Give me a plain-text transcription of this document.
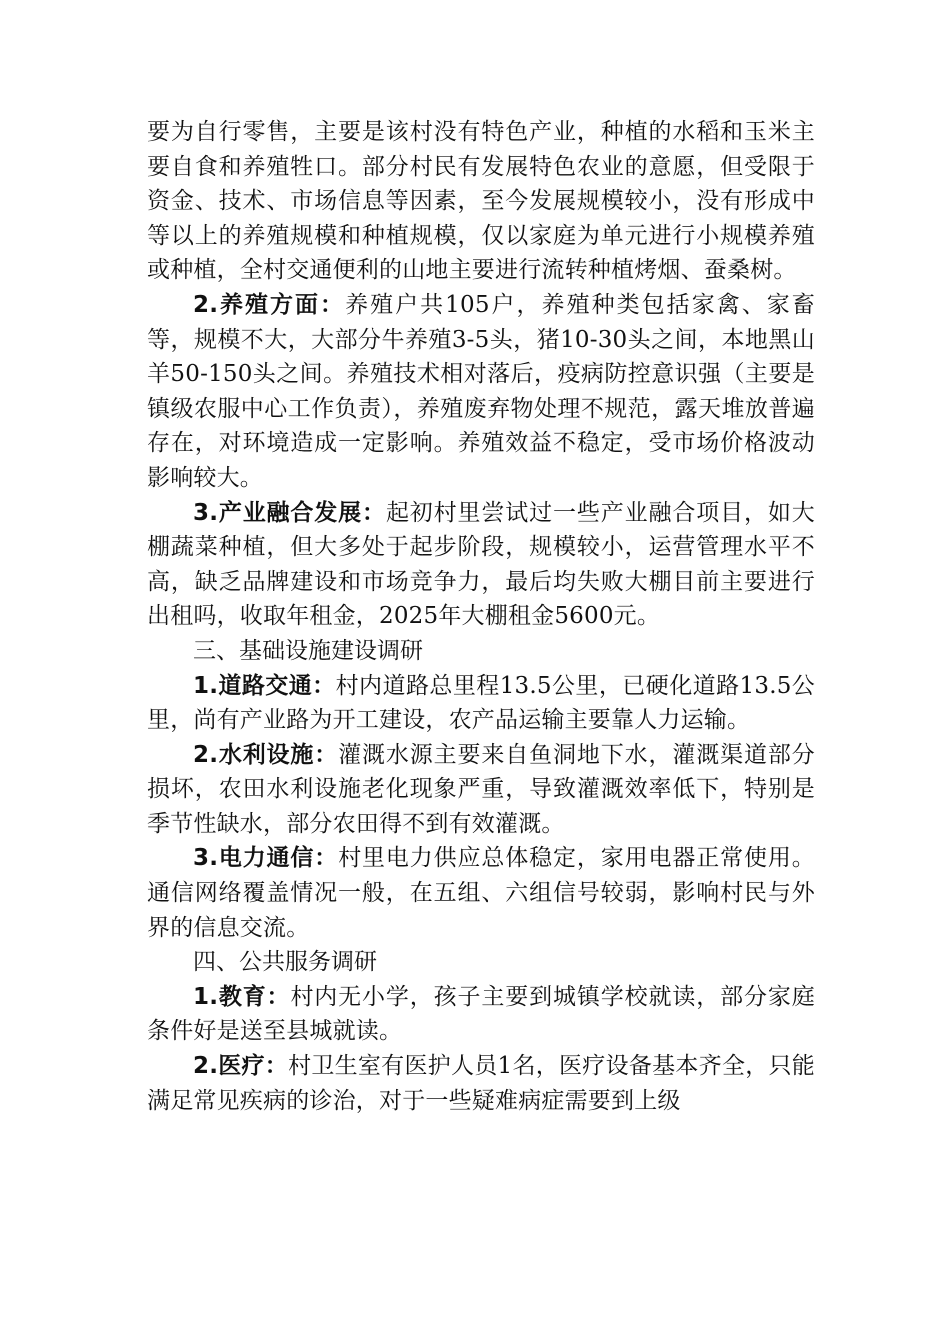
要为自行零售，主要是该村没有特色产业，种植的水稻和玉米主要自食和养殖牲口。部分村民有发展特色农业的意愿，但受限于资金、技术、市场信息等因素，至今发展规模较小，没有形成中等以上的养殖规模和种植规模，仅以家庭为单元进行小规模养殖或种植，全村交通便利的山地主要进行流转种植烤烟、蚕桑树。

2.养殖方面：养殖户共105户，养殖种类包括家禽、家畜等，规模不大，大部分牛养殖3-5头，猪10-30头之间，本地黑山羊50-150头之间。养殖技术相对落后，疫病防控意识强（主要是镇级农服中心工作负责），养殖废弃物处理不规范，露天堆放普遍存在，对环境造成一定影响。养殖效益不稳定，受市场价格波动影响较大。

3.产业融合发展：起初村里尝试过一些产业融合项目，如大棚蔬菜种植，但大多处于起步阶段，规模较小，运营管理水平不高，缺乏品牌建设和市场竞争力，最后均失败大棚目前主要进行出租吗，收取年租金，2025年大棚租金5600元。

三、基础设施建设调研

1.道路交通：村内道路总里程13.5公里，已硬化道路13.5公里，尚有产业路为开工建设，农产品运输主要靠人力运输。

2.水利设施：灌溉水源主要来自鱼洞地下水，灌溉渠道部分损坏，农田水利设施老化现象严重，导致灌溉效率低下，特别是季节性缺水，部分农田得不到有效灌溉。

3.电力通信：村里电力供应总体稳定，家用电器正常使用。通信网络覆盖情况一般，在五组、六组信号较弱，影响村民与外界的信息交流。

四、公共服务调研

1.教育：村内无小学，孩子主要到城镇学校就读，部分家庭条件好是送至县城就读。

2.医疗：村卫生室有医护人员1名，医疗设备基本齐全，只能满足常见疾病的诊治，对于一些疑难病症需要到上级
